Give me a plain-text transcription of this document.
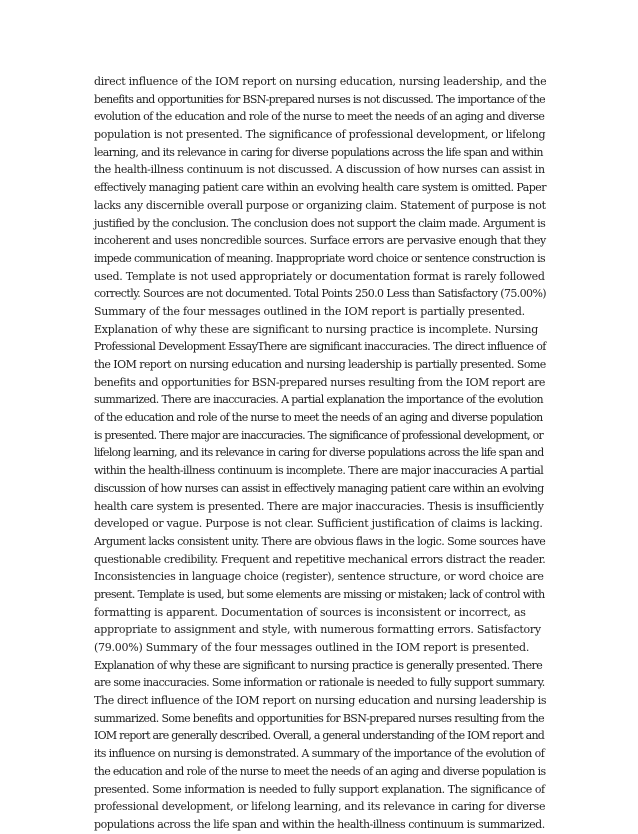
direct influence of the IOM report on nursing education, nursing leadership, and the
benefits and opportunities for BSN-prepared nurses is not discussed. The importance of the
evolution of the education and role of the nurse to meet the needs of an aging and diverse
population is not presented. The significance of professional development, or lifelong
learning, and its relevance in caring for diverse populations across the life span and within
the health-illness continuum is not discussed. A discussion of how nurses can assist in
effectively managing patient care within an evolving health care system is omitted. Paper
lacks any discernible overall purpose or organizing claim. Statement of purpose is not
justified by the conclusion. The conclusion does not support the claim made. Argument is
incoherent and uses noncredible sources. Surface errors are pervasive enough that they
impede communication of meaning. Inappropriate word choice or sentence construction is
used. Template is not used appropriately or documentation format is rarely followed
correctly. Sources are not documented. Total Points 250.0 Less than Satisfactory (75.00%)
Summary of the four messages outlined in the IOM report is partially presented.
Explanation of why these are significant to nursing practice is incomplete. Nursing
Professional Development EssayThere are significant inaccuracies. The direct influence of
the IOM report on nursing education and nursing leadership is partially presented. Some
benefits and opportunities for BSN-prepared nurses resulting from the IOM report are
summarized. There are inaccuracies. A partial explanation the importance of the evolution
of the education and role of the nurse to meet the needs of an aging and diverse population
is presented. There major are inaccuracies. The significance of professional development, or
lifelong learning, and its relevance in caring for diverse populations across the life span and
within the health-illness continuum is incomplete. There are major inaccuracies A partial
discussion of how nurses can assist in effectively managing patient care within an evolving
health care system is presented. There are major inaccuracies. Thesis is insufficiently
developed or vague. Purpose is not clear. Sufficient justification of claims is lacking.
Argument lacks consistent unity. There are obvious flaws in the logic. Some sources have
questionable credibility. Frequent and repetitive mechanical errors distract the reader.
Inconsistencies in language choice (register), sentence structure, or word choice are
present. Template is used, but some elements are missing or mistaken; lack of control with
formatting is apparent. Documentation of sources is inconsistent or incorrect, as
appropriate to assignment and style, with numerous formatting errors. Satisfactory
(79.00%) Summary of the four messages outlined in the IOM report is presented.
Explanation of why these are significant to nursing practice is generally presented. There
are some inaccuracies. Some information or rationale is needed to fully support summary.
The direct influence of the IOM report on nursing education and nursing leadership is
summarized. Some benefits and opportunities for BSN-prepared nurses resulting from the
IOM report are generally described. Overall, a general understanding of the IOM report and
its influence on nursing is demonstrated. A summary of the importance of the evolution of
the education and role of the nurse to meet the needs of an aging and diverse population is
presented. Some information is needed to fully support explanation. The significance of
professional development, or lifelong learning, and its relevance in caring for diverse
populations across the life span and within the health-illness continuum is summarized.
